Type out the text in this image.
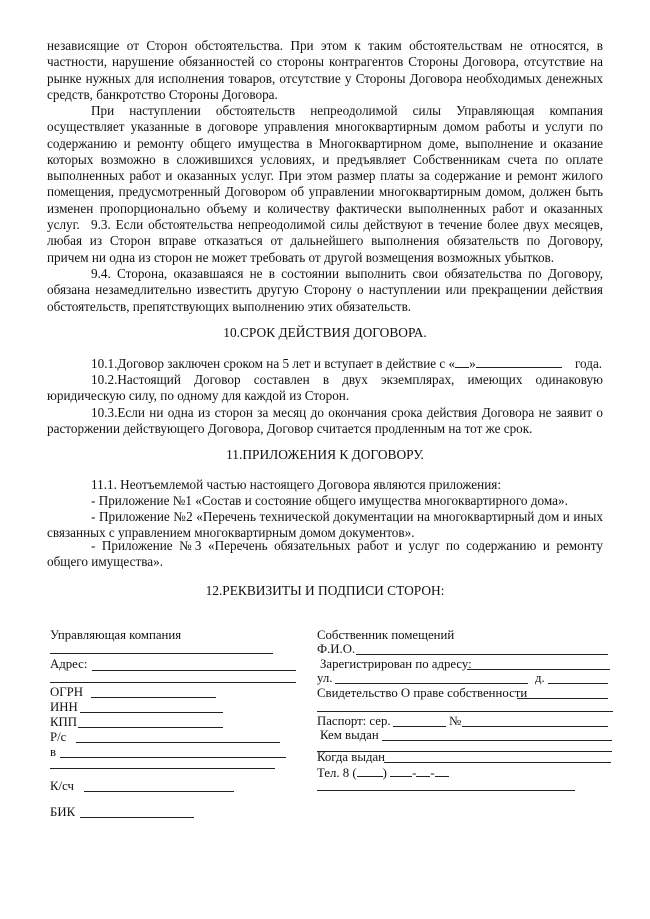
независящие от Сторон обстоятельства. При этом к таким обстоятельствам не относятся, в частности, нарушение обязанностей со стороны контрагентов Стороны Договора, отсутствие на рынке нужных для исполнения товаров, отсутствие у Стороны Договора необходимых денежных средств, банкротство Стороны Договора.

При наступлении обстоятельств непреодолимой силы Управляющая компания осуществляет указанные в договоре управления многоквартирным домом работы и услуги по содержанию и ремонту общего имущества в Многоквартирном доме, выполнение и оказание которых возможно в сложившихся условиях, и предъявляет Собственникам счета по оплате выполненных работ и оказанных услуг. При этом размер платы за содержание и ремонт жилого помещения, предусмотренный Договором об управлении многоквартирным домом, должен быть изменен пропорционально объему и количеству фактически выполненных работ и оказанных услуг. 9.3. Если обстоятельства непреодолимой силы действуют в течение более двух месяцев, любая из Сторон вправе отказаться от дальнейшего выполнения обязательств по Договору, причем ни одна из сторон не может требовать от другой возмещения возможных убытков.

9.4. Сторона, оказавшаяся не в состоянии выполнить свои обязательства по Договору, обязана незамедлительно известить другую Сторону о наступлении или прекращении действия обстоятельств, препятствующих выполнению этих обязательств.

10.СРОК ДЕЙСТВИЯ ДОГОВОРА.
10.1.Договор заключен сроком на 5 лет и вступает в действие с « »	года.

10.2.Настоящий Договор составлен в двух экземплярах, имеющих одинаковую юридическую силу, по одному для каждой из Сторон.

10.3.Если ни одна из сторон за месяц до окончания срока действия Договора не заявит о расторжении действующего Договора, Договор считается продленным на тот же срок.

11.ПРИЛОЖЕНИЯ К ДОГОВОРУ.

11.1. Неотъемлемой частью настоящего Договора являются приложения:

- Приложение №1 «Состав и состояние общего имущества многоквартирного дома».

- Приложение №2 «Перечень технической документации на многоквартирный дом и иных связанных с управлением многоквартирным домом документов».

- Приложение №3 «Перечень обязательных работ и услуг по содержанию и ремонту общего имущества».

12.РЕКВИЗИТЫ И ПОДПИСИ СТОРОН:
Управляющая компания
Адрес:
ОГРН
ИНН
КПП
Р/с
в
К/сч
БИК
Собственник помещений
Ф.И.О.
Зарегистрирован по адресу:
ул.	д.
Свидетельство О праве собственности
Паспорт: сер.	№
Кем выдан
Когда выдан
Тел. 8 ( ) - -
